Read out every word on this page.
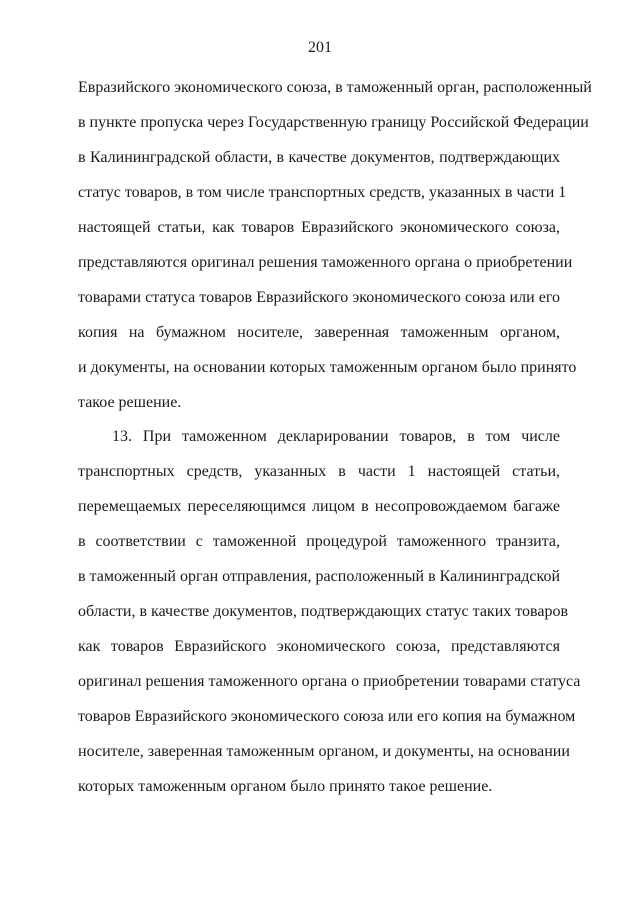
201
Евразийского экономического союза, в таможенный орган, расположенный
в пункте пропуска через Государственную границу Российской Федерации
в Калининградской области, в качестве документов, подтверждающих
статус товаров, в том числе транспортных средств, указанных в части 1
настоящей статьи, как товаров Евразийского экономического союза,
представляются оригинал решения таможенного органа о приобретении
товарами статуса товаров Евразийского экономического союза или его
копия на бумажном носителе, заверенная таможенным органом,
и документы, на основании которых таможенным органом было принято
такое решение.
13. При таможенном декларировании товаров, в том числе
транспортных средств, указанных в части 1 настоящей статьи,
перемещаемых переселяющимся лицом в несопровождаемом багаже
в соответствии с таможенной процедурой таможенного транзита,
в таможенный орган отправления, расположенный в Калининградской
области, в качестве документов, подтверждающих статус таких товаров
как товаров Евразийского экономического союза, представляются
оригинал решения таможенного органа о приобретении товарами статуса
товаров Евразийского экономического союза или его копия на бумажном
носителе, заверенная таможенным органом, и документы, на основании
которых таможенным органом было принято такое решение.
